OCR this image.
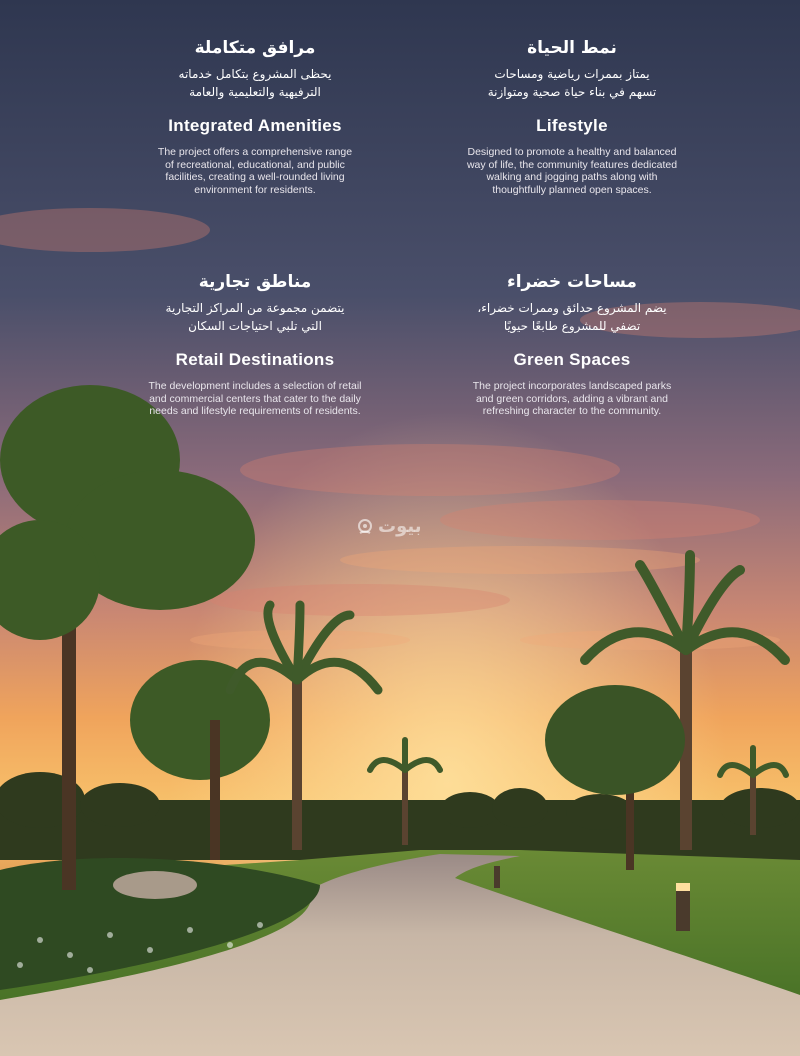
مرافق متكاملة
يحظى المشروع بتكامل خدماته
الترفيهية والتعليمية والعامة
Integrated Amenities
The project offers a comprehensive range
of recreational, educational, and public
facilities, creating a well-rounded living
environment for residents.
نمط الحياة
يمتاز بممرات رياضية ومساحات
تسهم في بناء حياة صحية ومتوازنة
Lifestyle
Designed to promote a healthy and balanced
way of life, the community features dedicated
walking and jogging paths along with
thoughtfully planned open spaces.
مناطق تجارية
يتضمن مجموعة من المراكز التجارية
التي تلبي احتياجات السكان
Retail Destinations
The development includes a selection of retail
and commercial centers that cater to the daily
needs and lifestyle requirements of residents.
مساحات خضراء
يضم المشروع حدائق وممرات خضراء،
تضفي للمشروع طابعًا حيويًا
Green Spaces
The project incorporates landscaped parks
and green corridors, adding a vibrant and
refreshing character to the community.
بيوت
